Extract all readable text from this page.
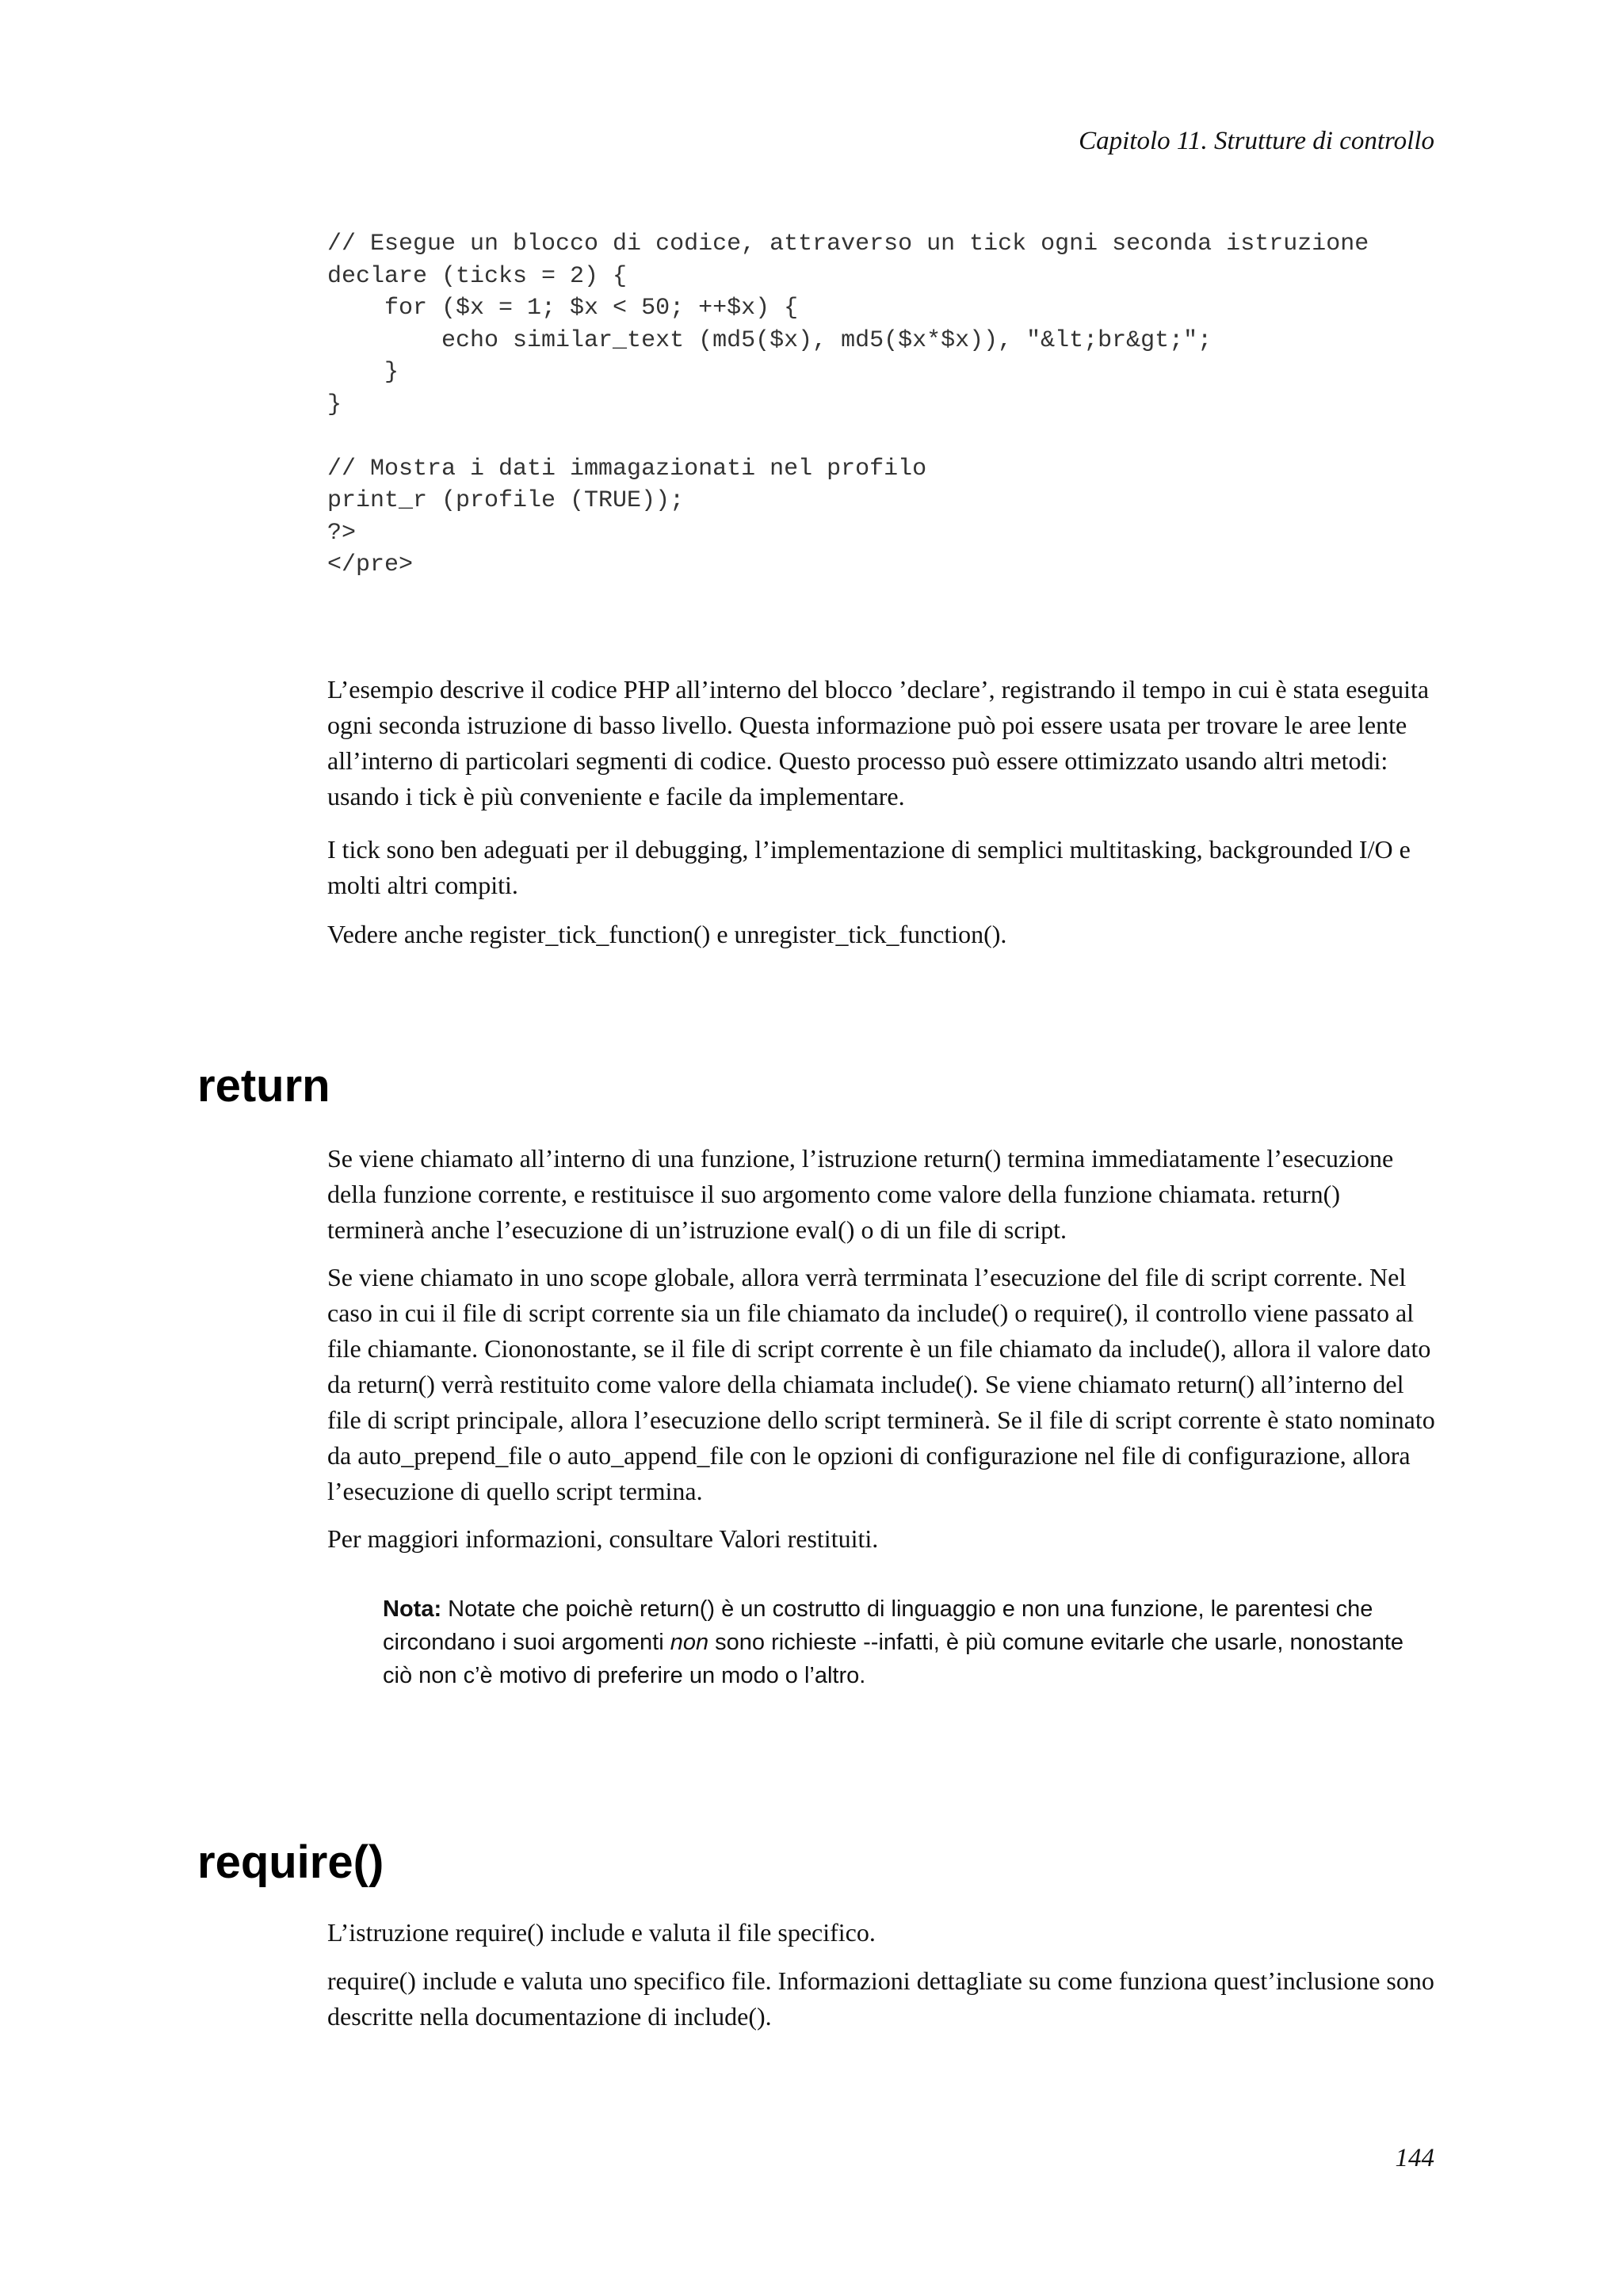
Capitolo 11. Strutture di controllo

// Esegue un blocco di codice, attraverso un tick ogni seconda istruzione
declare (ticks = 2) {
for ($x = 1; $x < 50; ++$x) {
echo similar_text (md5($x), md5($x*$x)), "&lt;br&gt;";
}
}
// Mostra i dati immagazionati nel profilo
print_r (profile (TRUE));
?>
</pre>

L’esempio descrive il codice PHP all’interno del blocco ’declare’, registrando il tempo in cui è stata eseguita ogni seconda istruzione di basso livello. Questa informazione può poi essere usata per trovare le aree lente all’interno di particolari segmenti di codice. Questo processo può essere ottimizzato usando altri metodi: usando i tick è più conveniente e facile da implementare.

I tick sono ben adeguati per il debugging, l’implementazione di semplici multitasking, backgrounded I/O e molti altri compiti.

Vedere anche register_tick_function() e unregister_tick_function().

return

Se viene chiamato all’interno di una funzione, l’istruzione return() termina immediatamente l’esecuzione della funzione corrente, e restituisce il suo argomento come valore della funzione chiamata. return() terminerà anche l’esecuzione di un’istruzione eval() o di un file di script.

Se viene chiamato in uno scope globale, allora verrà terrminata l’esecuzione del file di script corrente. Nel caso in cui il file di script corrente sia un file chiamato da include() o require(), il controllo viene passato al file chiamante. Ciononostante, se il file di script corrente è un file chiamato da include(), allora il valore dato da return() verrà restituito come valore della chiamata include(). Se viene chiamato return() all’interno del file di script principale, allora l’esecuzione dello script terminerà. Se il file di script corrente è stato nominato da auto_prepend_file o auto_append_file con le opzioni di configurazione nel file di configurazione, allora l’esecuzione di quello script termina.

Per maggiori informazioni, consultare Valori restituiti.

Nota: Notate che poichè return() è un costrutto di linguaggio e non una funzione, le parentesi che circondano i suoi argomenti non sono richieste --infatti, è più comune evitarle che usarle, nonostante ciò non c’è motivo di preferire un modo o l’altro.

require()

L’istruzione require() include e valuta il file specifico.

require() include e valuta uno specifico file. Informazioni dettagliate su come funziona quest’inclusione sono descritte nella documentazione di include().

144
